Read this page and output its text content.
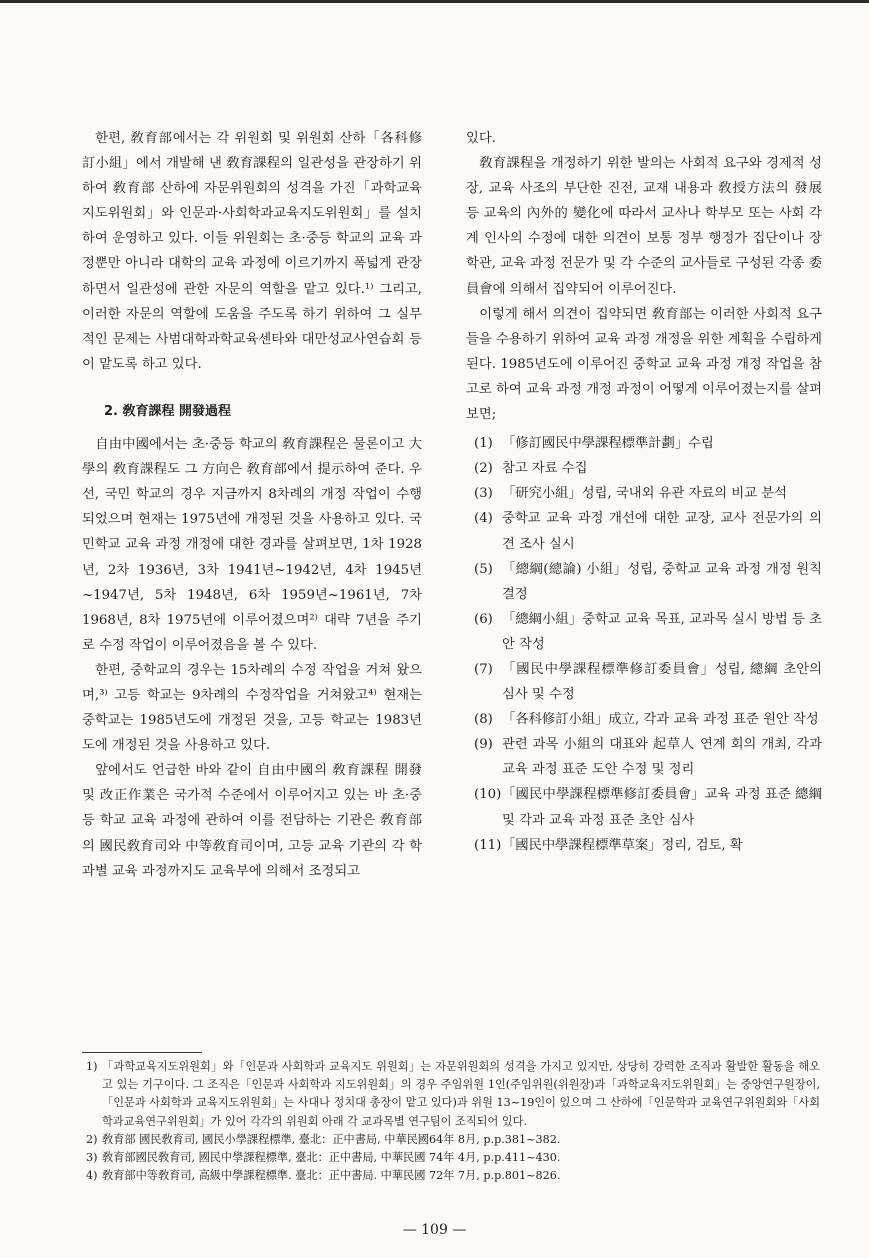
한편, 敎育部에서는 각 위원회 및 위원회 산하「各科修訂小組」에서 개발해 낸 敎育課程의 일관성을 관장하기 위하여 敎育部 산하에 자문위원회의 성격을 가진「과학교육지도위원회」와 인문과·사회학과교육지도위원회」를 설치하여 운영하고 있다. 이들 위원회는 초·중등 학교의 교육 과정뿐만 아니라 대학의 교육 과정에 이르기까지 폭넓게 관장하면서 일관성에 관한 자문의 역할을 맡고 있다.¹⁾ 그리고, 이러한 자문의 역할에 도움을 주도록 하기 위하여 그 실무적인 문제는 사범대학과학교육센타와 대만성교사연습회 등이 맡도록 하고 있다.

2. 敎育課程 開發過程

自由中國에서는 초·중등 학교의 敎育課程은 물론이고 大學의 敎育課程도 그 方向은 敎育部에서 提示하여 준다. 우선, 국민 학교의 경우 지금까지 8차례의 개정 작업이 수행되었으며 현재는 1975년에 개정된 것을 사용하고 있다. 국민학교 교육 과정 개정에 대한 경과를 살펴보면, 1차 1928년, 2차 1936년, 3차 1941년~1942년, 4차 1945년~1947년, 5차 1948년, 6차 1959년~1961년, 7차 1968년, 8차 1975년에 이루어졌으며²⁾ 대략 7년을 주기로 수정 작업이 이루어졌음을 볼 수 있다.

한편, 중학교의 경우는 15차례의 수정 작업을 거쳐 왔으며,³⁾ 고등 학교는 9차례의 수정작업을 거쳐왔고⁴⁾ 현재는 중학교는 1985년도에 개정된 것을, 고등 학교는 1983년도에 개정된 것을 사용하고 있다.

앞에서도 언급한 바와 같이 自由中國의 敎育課程 開發 및 改正作業은 국가적 수준에서 이루어지고 있는 바 초·중등 학교 교육 과정에 관하여 이를 전담하는 기관은 敎育部의 國民敎育司와 中等敎育司이며, 고등 교육 기관의 각 학과별 교육 과정까지도 교육부에 의해서 조정되고

있다.

敎育課程을 개정하기 위한 발의는 사회적 요구와 경제적 성장, 교육 사조의 부단한 진전, 교재 내용과 敎授方法의 發展 등 교육의 內外的 變化에 따라서 교사나 학부모 또는 사회 각계 인사의 수정에 대한 의견이 보통 정부 행정가 집단이나 장학관, 교육 과정 전문가 및 각 수준의 교사들로 구성된 각종 委員會에 의해서 집약되어 이루어진다.

이렇게 해서 의견이 집약되면 敎育部는 이러한 사회적 요구들을 수용하기 위하여 교육 과정 개정을 위한 계획을 수립하게 된다. 1985년도에 이루어진 중학교 교육 과정 개정 작업을 참고로 하여 교육 과정 개정 과정이 어떻게 이루어졌는지를 살펴보면;

(1) 「修訂國民中學課程標準計劃」수립
(2) 참고 자료 수집
(3) 「研究小組」성립, 국내외 유관 자료의 비교 분석
(4) 중학교 교육 과정 개선에 대한 교장, 교사 전문가의 의견 조사 실시
(5) 「總綱(總論) 小組」성립, 중학교 교육 과정 개정 원칙 결정
(6) 「總綱小組」중학교 교육 목표, 교과목 실시 방법 등 초안 작성
(7) 「國民中學課程標準修訂委員會」성립, 總綱 초안의 심사 및 수정
(8) 「各科修訂小組」成立, 각과 교육 과정 표준 원안 작성
(9) 관련 과목 小組의 대표와 起草人 연계 회의 개최, 각과 교육 과정 표준 도안 수정 및 정리
(10) 「國民中學課程標準修訂委員會」교육 과정 표준 總綱 및 각과 교육 과정 표준 초안 심사
(11) 「國民中學課程標準草案」정리, 검토, 확
1) 「과학교육지도위원회」와「인문과 사회학과 교육지도 위원회」는 자문위원회의 성격을 가지고 있지만, 상당히 강력한 조직과 활발한 활동을 해오고 있는 기구이다. 그 조직은「인문과 사회학과 지도위원회」의 경우 주임위원 1인(주임위원(위원장)과「과학교육지도위원회」는 중앙연구원장이,「인문과 사회학과 교육지도위원회」는 사대나 정치대 총장이 맡고 있다)과 위원 13~19인이 있으며 그 산하에「인문학과 교육연구위원회와「사회학과교육연구위원회」가 있어 각각의 위원회 아래 각 교과목별 연구팀이 조직되어 있다.
2) 敎育部 國民敎育司, 國民小學課程標準, 臺北：正中書局, 中華民國64年 8月, p.p.381~382.
3) 敎育部國民敎育司, 國民中學課程標準, 臺北：正中書局, 中華民國 74年 4月, p.p.411~430.
4) 敎育部中等敎育司, 高級中學課程標準. 臺北：正中書局. 中華民國 72年 7月, p.p.801~826.
— 109 —
